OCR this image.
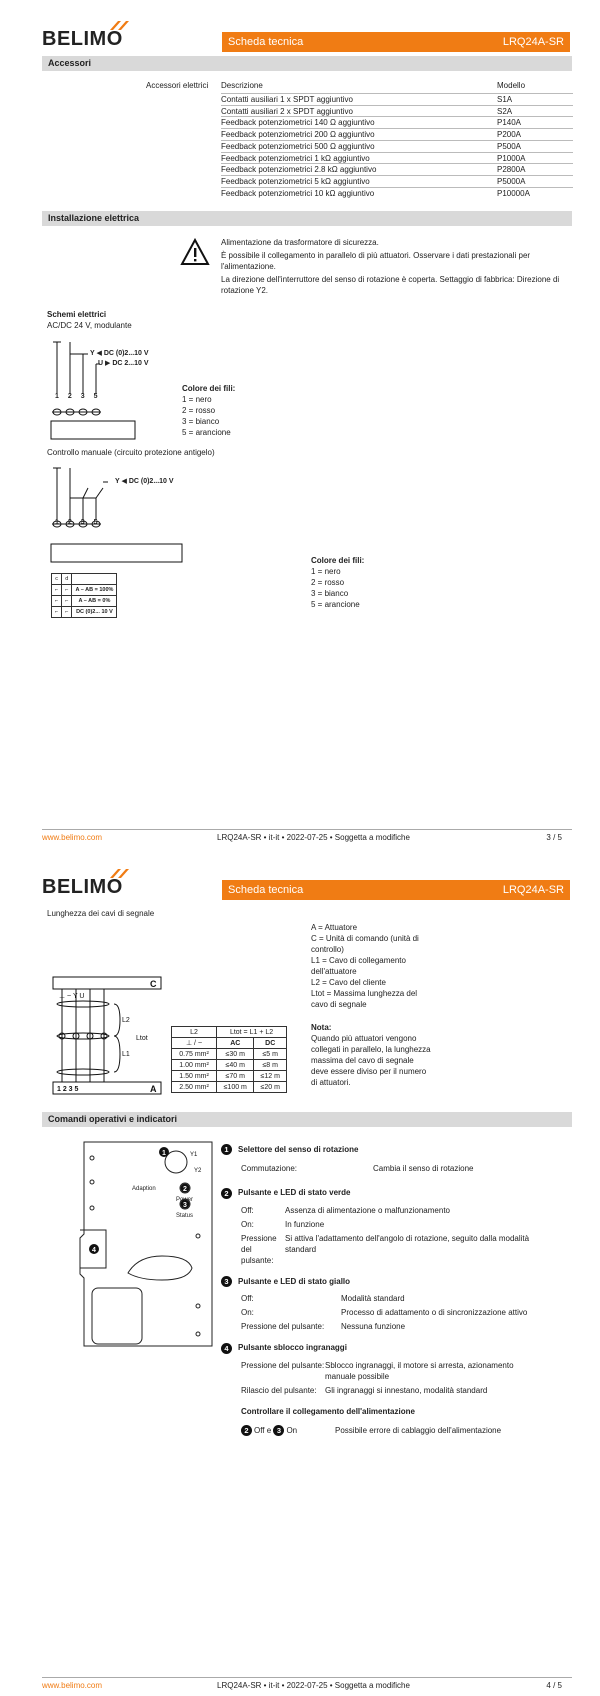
BELIMO	Scheda tecnica	LRQ24A-SR
Accessori
Accessori elettrici Descrizione	Modello
Contatti ausiliari 1 x SPDT aggiuntivo	S1A
Contatti ausiliari 2 x SPDT aggiuntivo	S2A
Feedback potenziometrici 140 Ω aggiuntivo	P140A
Feedback potenziometrici 200 Ω aggiuntivo	P200A
Feedback potenziometrici 500 Ω aggiuntivo	P500A
Feedback potenziometrici 1 kΩ aggiuntivo	P1000A
Feedback potenziometrici 2.8 kΩ aggiuntivo	P2800A
Feedback potenziometrici 5 kΩ aggiuntivo	P5000A
Feedback potenziometrici 10 kΩ aggiuntivo	P10000A
Installazione elettrica
Alimentazione da trasformatore di sicurezza.
È possibile il collegamento in parallelo di più attuatori. Osservare i dati prestazionali per l'alimentazione.
La direzione dell'interruttore del senso di rotazione è coperta. Settaggio di fabbrica: Direzione di rotazione Y2.
Schemi elettrici
AC/DC 24 V, modulante
Y ◀ DC (0)2...10 V
U ▶ DC 2...10 V
1 2 3 5
Colore dei fili:
1 = nero
2 = rosso
3 = bianco
5 = arancione
Controllo manuale (circuito protezione antigelo)
Y ◀ DC (0)2...10 V
1 2 3 5
c	d	
⌐	⌐	A – AB = 100%
⌐	⌐	A – AB = 0%
⌐	⌐	DC (0)2... 10 V
Colore dei fili:
1 = nero
2 = rosso
3 = bianco
5 = arancione
www.belimo.com	LRQ24A-SR • it-it • 2022-07-25 • Soggetta a modifiche	3 / 5
BELIMO	Scheda tecnica	LRQ24A-SR
Lunghezza dei cavi di segnale
A = Attuatore
C = Unità di comando (unità di controllo)
L1 = Cavo di collegamento dell'attuatore
L2 = Cavo del cliente
Ltot = Massima lunghezza del cavo di segnale
Nota:
Quando più attuatori vengono collegati in parallelo, la lunghezza massima del cavo di segnale deve essere diviso per il numero di attuatori.
C
A
⊥ ~ Y U
1 2 3 5
L2
L1
Ltot
L2	Ltot = L1 + L2	
⊥ / ~	AC	DC
0.75 mm²	≤30 m	≤5 m
1.00 mm²	≤40 m	≤8 m
1.50 mm²	≤70 m	≤12 m
2.50 mm²	≤100 m	≤20 m
Comandi operativi e indicatori
1
2
3
4
Y1
Y2
Adaption
Power
Status
1 Selettore del senso di rotazione
Commutazione:	Cambia il senso di rotazione
2 Pulsante e LED di stato verde
Off:	Assenza di alimentazione o malfunzionamento
On:	In funzione
Pressione del pulsante:Si attiva l'adattamento dell'angolo di rotazione, seguito dalla modalità standard
3 Pulsante e LED di stato giallo
Off:	Modalità standard
On:	Processo di adattamento o di sincronizzazione attivo
Pressione del pulsante: Nessuna funzione
4 Pulsante sblocco ingranaggi
Pressione del pulsante:Sblocco ingranaggi, il motore si arresta, azionamento manuale possibile
Rilascio del pulsante: Gli ingranaggi si innestano, modalità standard
Controllare il collegamento dell'alimentazione
2 Off e 3 On	Possibile errore di cablaggio dell'alimentazione
www.belimo.com	LRQ24A-SR • it-it • 2022-07-25 • Soggetta a modifiche	4 / 5
